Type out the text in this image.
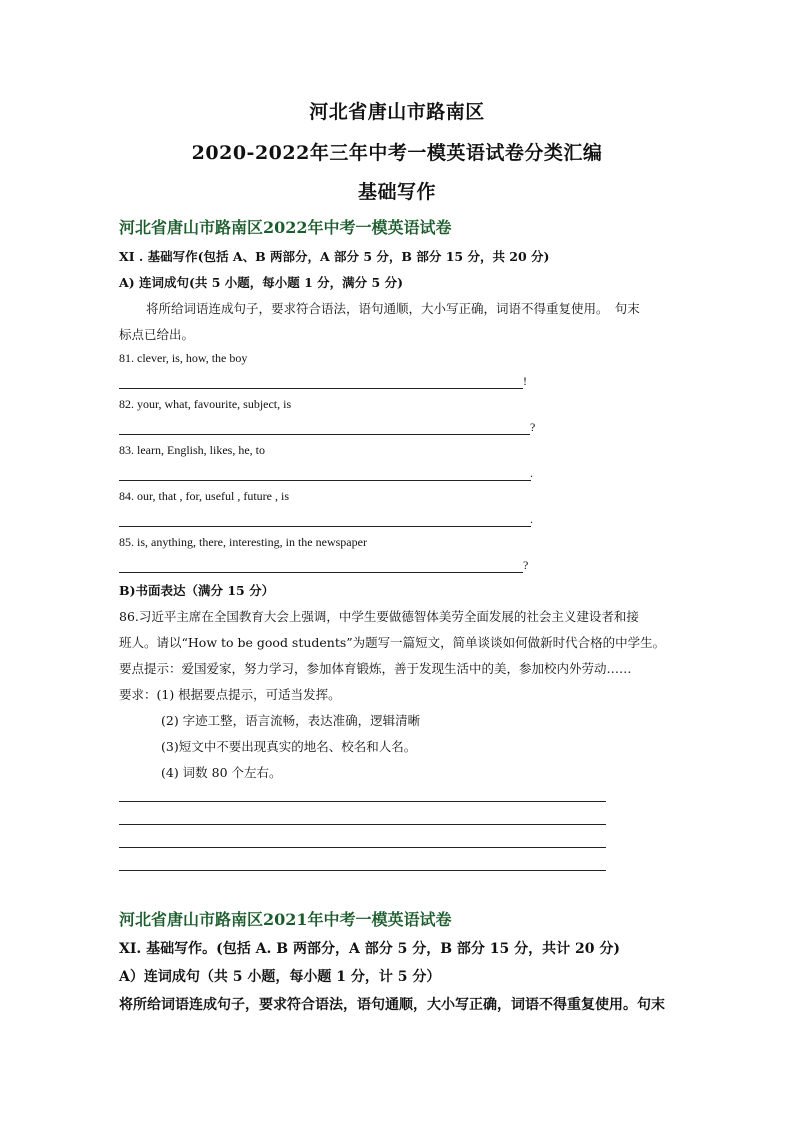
河北省唐山市路南区
2020-2022年三年中考一模英语试卷分类汇编
基础写作
河北省唐山市路南区2022年中考一模英语试卷
XI . 基础写作(包括 A、B 两部分，A 部分 5 分，B 部分 15 分，共 20 分)
A) 连词成句(共 5 小题，每小题 1 分，满分 5 分)
将所给词语连成句子，要求符合语法，语句通顺，大小写正确，词语不得重复使用。　句末
标点已给出。
81. clever, is, how, the boy
!
82. your, what, favourite, subject, is
?
83. learn, English, likes, he, to
.
84. our, that , for, useful , future , is
.
85. is, anything, there, interesting, in the newspaper
?
B)书面表达（满分 15 分）
86.习近平主席在全国教育大会上强调，中学生要做德智体美劳全面发展的社会主义建设者和接
班人。请以“How to be good students”为题写一篇短文，简单谈谈如何做新时代合格的中学生。
要点提示：爱国爱家，努力学习，参加体育锻炼，善于发现生活中的美，参加校内外劳动……
要求：(1) 根据要点提示，可适当发挥。
(2) 字迹工整，语言流畅，表达准确，逻辑清晰
(3)短文中不要出现真实的地名、校名和人名。
(4) 词数 80 个左右。
河北省唐山市路南区2021年中考一模英语试卷
XI. 基础写作。(包括 A. B 两部分，A 部分 5 分，B 部分 15 分，共计 20 分)
A）连词成句（共 5 小题，每小题 1 分，计 5 分）
将所给词语连成句子，要求符合语法，语句通顺，大小写正确，词语不得重复使用。句末
